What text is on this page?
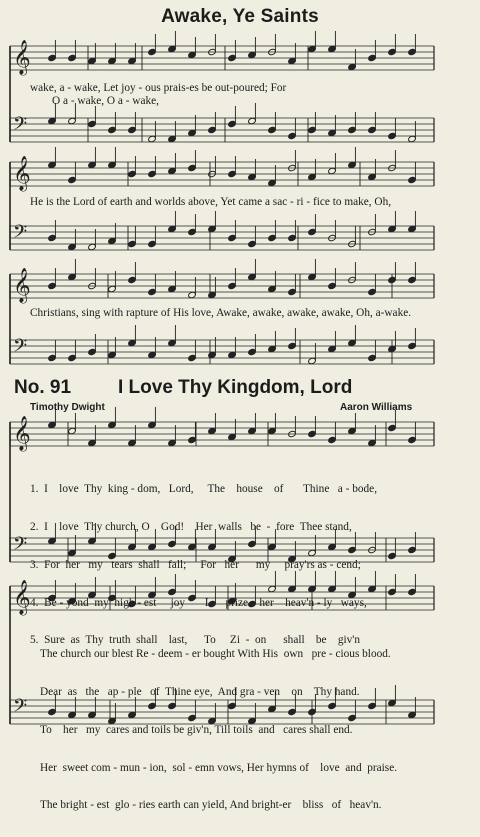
Awake, Ye Saints
𝄞
𝄢
𝄞
𝄢
𝄞
𝄢
𝄞
𝄢
𝄞
𝄢
wake, a - wake, Let joy - ous prais-es be out-poured; For
O a - wake, O a - wake,
He is the Lord of earth and worlds above, Yet came a sac - ri - fice to make, Oh,
Christians, sing with rapture of His love, Awake, awake, awake, awake, Oh, a-wake.
No. 91 I Love Thy Kingdom, Lord
Timothy Dwight	Aaron Williams

1.  I    love  Thy  king - dom,   Lord,     The    house    of       Thine   a - bode,

2.  I    love  Thy church, O    God!    Her  walls   be  -  fore  Thee stand,

3.  For  her   my   tears  shall   fall;     For   her      my     pray'rs as - cend;

4.  Be - yond  my  high - est     joy       I      prize    her    heav'n - ly   ways,

5.  Sure  as  Thy  truth  shall    last,      To     Zi  -  on      shall    be    giv'n

The church our blest Re - deem - er bought With His  own   pre - cious blood.

Dear  as   the   ap - ple   of  Thine eye,  And gra - ven    on    Thy hand.

To    her   my  cares and toils be giv'n, Till toils  and   cares shall end.

Her  sweet com - mun - ion,  sol - emn vows, Her hymns of    love  and  praise.

The bright - est  glo - ries earth can yield, And bright-er    bliss   of   heav'n.
